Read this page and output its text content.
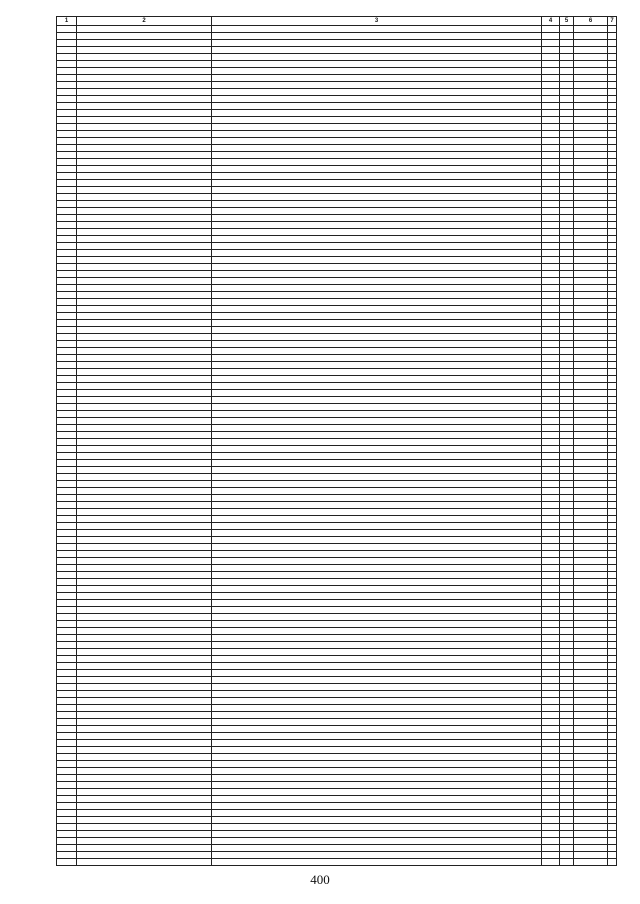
1	2	3	4	5	6	7

400
